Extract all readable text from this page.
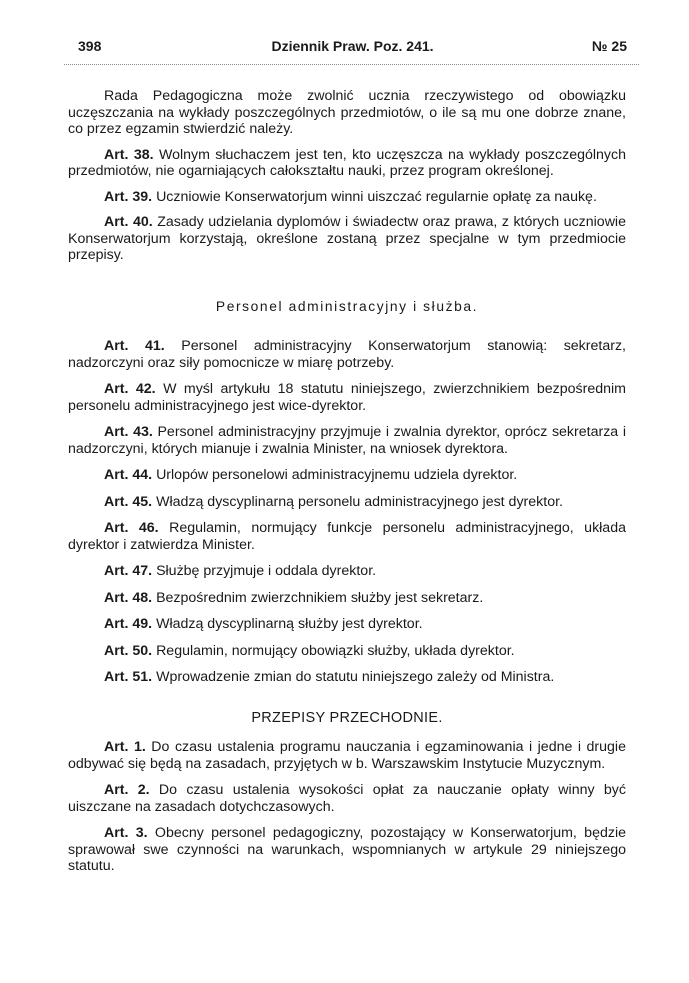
398	Dziennik Praw. Poz. 241.	№ 25

Rada Pedagogiczna może zwolnić ucznia rzeczywistego od obowiązku uczęszczania na wykłady poszczególnych przedmiotów, o ile są mu one dobrze znane, co przez egzamin stwierdzić należy.

Art. 38. Wolnym słuchaczem jest ten, kto uczęszcza na wykłady poszczególnych przedmiotów, nie ogarniających całokształtu nauki, przez program określonej.

Art. 39. Uczniowie Konserwatorjum winni uiszczać regularnie opłatę za naukę.

Art. 40. Zasady udzielania dyplomów i świadectw oraz prawa, z których uczniowie Konserwatorjum korzystają, określone zostaną przez specjalne w tym przedmiocie przepisy.

Personel administracyjny i służba.

Art. 41. Personel administracyjny Konserwatorjum stanowią: sekretarz, nadzorczyni oraz siły pomocnicze w miarę potrzeby.

Art. 42. W myśl artykułu 18 statutu niniejszego, zwierzchnikiem bezpośrednim personelu administracyjnego jest wice-dyrektor.

Art. 43. Personel administracyjny przyjmuje i zwalnia dyrektor, oprócz sekretarza i nadzorczyni, których mianuje i zwalnia Minister, na wniosek dyrektora.

Art. 44. Urlopów personelowi administracyjnemu udziela dyrektor.

Art. 45. Władzą dyscyplinarną personelu administracyjnego jest dyrektor.

Art. 46. Regulamin, normujący funkcje personelu administracyjnego, układa dyrektor i zatwierdza Minister.

Art. 47. Służbę przyjmuje i oddala dyrektor.

Art. 48. Bezpośrednim zwierzchnikiem służby jest sekretarz.

Art. 49. Władzą dyscyplinarną służby jest dyrektor.

Art. 50. Regulamin, normujący obowiązki służby, układa dyrektor.

Art. 51. Wprowadzenie zmian do statutu niniejszego zależy od Ministra.

PRZEPISY PRZECHODNIE.

Art. 1. Do czasu ustalenia programu nauczania i egzaminowania i jedne i drugie odbywać się będą na zasadach, przyjętych w b. Warszawskim Instytucie Muzycznym.

Art. 2. Do czasu ustalenia wysokości opłat za nauczanie opłaty winny być uiszczane na zasadach dotychczasowych.

Art. 3. Obecny personel pedagogiczny, pozostający w Konserwatorjum, będzie sprawował swe czynności na warunkach, wspomnianych w artykule 29 niniejszego statutu.
